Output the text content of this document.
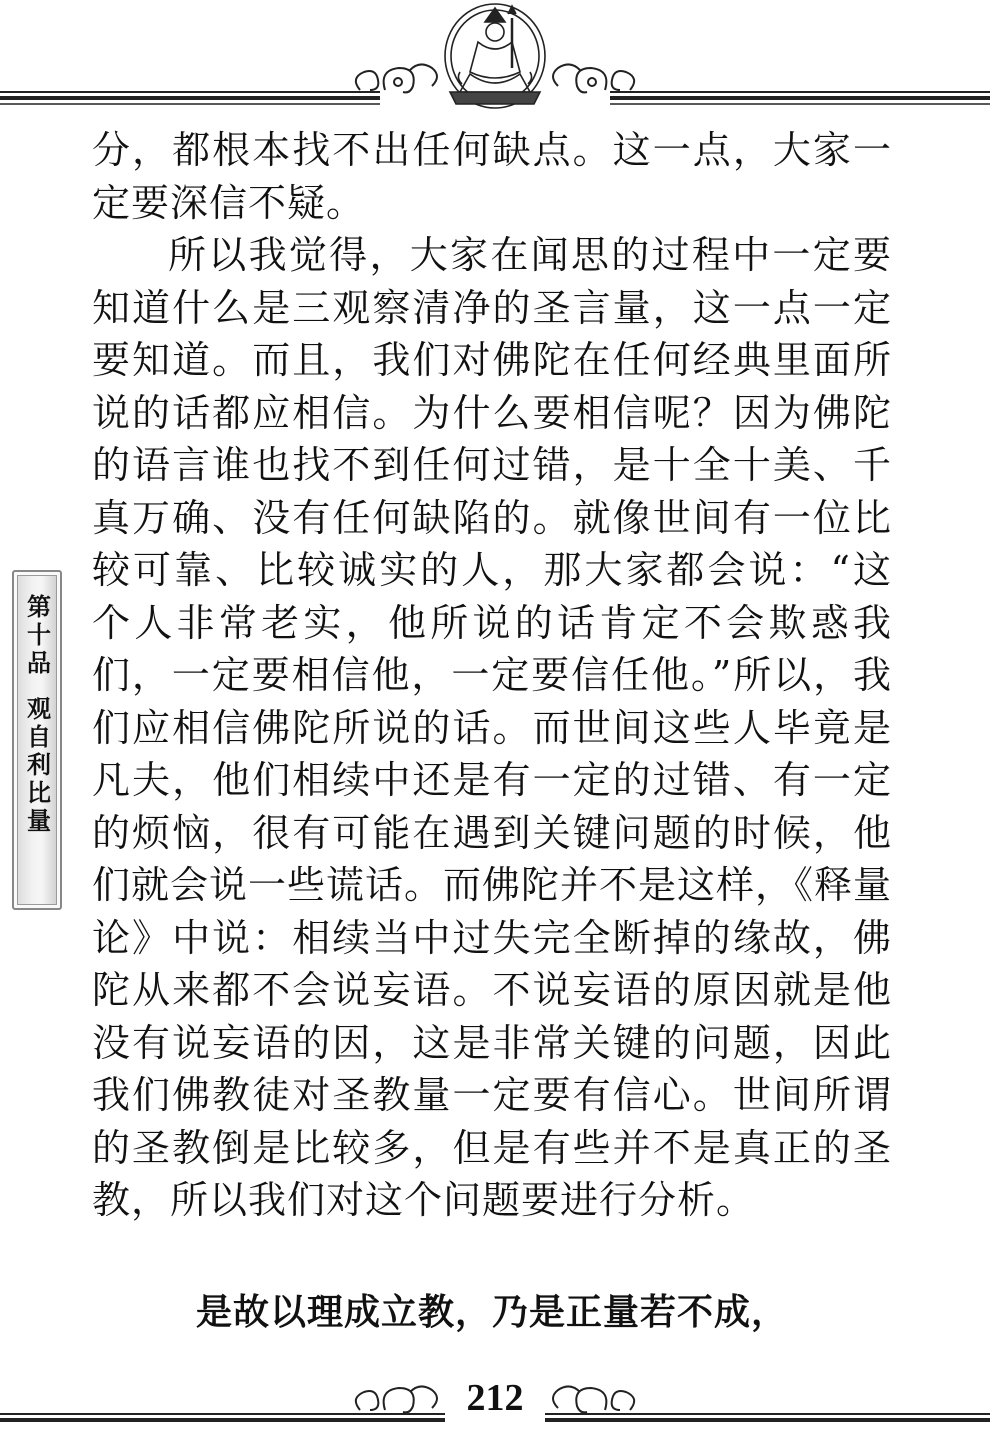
分，都根本找不出任何缺点。这一点，大家一定要深信不疑。

所以我觉得，大家在闻思的过程中一定要知道什么是三观察清净的圣言量，这一点一定要知道。而且，我们对佛陀在任何经典里面所说的话都应相信。为什么要相信呢？因为佛陀的语言谁也找不到任何过错，是十全十美、千真万确、没有任何缺陷的。就像世间有一位比较可靠、比较诚实的人，那大家都会说：“这个人非常老实，他所说的话肯定不会欺惑我们，一定要相信他，一定要信任他。”所以，我们应相信佛陀所说的话。而世间这些人毕竟是凡夫，他们相续中还是有一定的过错、有一定的烦恼，很有可能在遇到关键问题的时候，他们就会说一些谎话。而佛陀并不是这样，《释量论》中说：相续当中过失完全断掉的缘故，佛陀从来都不会说妄语。不说妄语的原因就是他没有说妄语的因，这是非常关键的问题，因此我们佛教徒对圣教量一定要有信心。世间所谓的圣教倒是比较多，但是有些并不是真正的圣教，所以我们对这个问题要进行分析。

是故以理成立教，乃是正量若不成，
第十品
观自利比量
212
